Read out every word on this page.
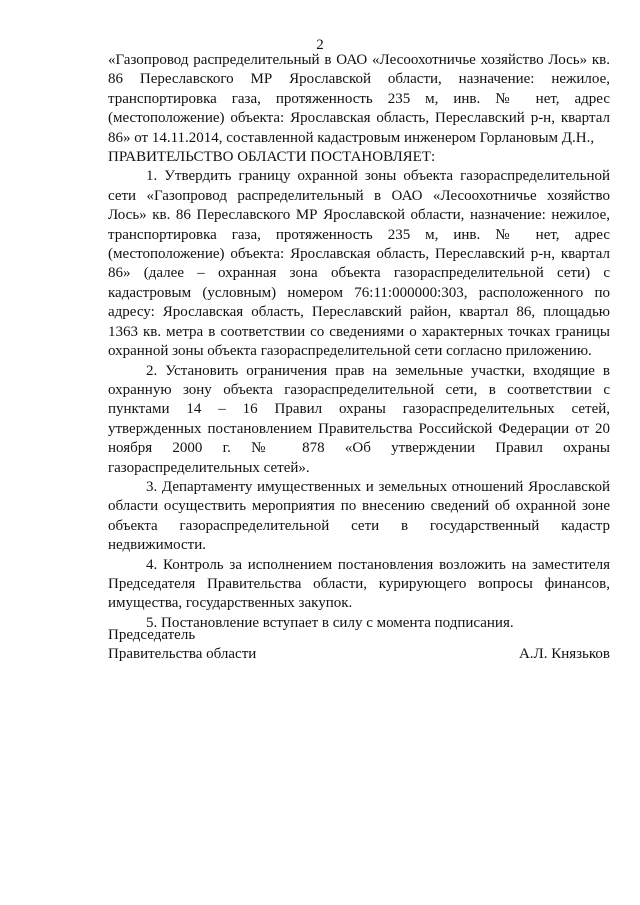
2

«Газопровод распределительный в ОАО «Лесоохотничье хозяйство Лось» кв. 86 Переславского МР Ярославской области, назначение: нежилое, транспортировка газа, протяженность 235 м, инв. № нет, адрес (местоположение) объекта: Ярославская область, Переславский р-н, квартал 86» от 14.11.2014, составленной кадастровым инженером Горлановым Д.Н.,

ПРАВИТЕЛЬСТВО ОБЛАСТИ ПОСТАНОВЛЯЕТ:

1. Утвердить границу охранной зоны объекта газораспределительной сети «Газопровод распределительный в ОАО «Лесоохотничье хозяйство Лось» кв. 86 Переславского МР Ярославской области, назначение: нежилое, транспортировка газа, протяженность 235 м, инв. № нет, адрес (местоположение) объекта: Ярославская область, Переславский р-н, квартал 86» (далее – охранная зона объекта газораспределительной сети) с кадастровым (условным) номером 76:11:000000:303, расположенного по адресу: Ярославская область, Переславский район, квартал 86, площадью 1363 кв. метра в соответствии со сведениями о характерных точках границы охранной зоны объекта газораспределительной сети согласно приложению.

2. Установить ограничения прав на земельные участки, входящие в охранную зону объекта газораспределительной сети, в соответствии с пунктами 14 – 16 Правил охраны газораспределительных сетей, утвержденных постановлением Правительства Российской Федерации от 20 ноября 2000 г. № 878 «Об утверждении Правил охраны газораспределительных сетей».

3. Департаменту имущественных и земельных отношений Ярославской области осуществить мероприятия по внесению сведений об охранной зоне объекта газораспределительной сети в государственный кадастр недвижимости.

4. Контроль за исполнением постановления возложить на заместителя Председателя Правительства области, курирующего вопросы финансов, имущества, государственных закупок.

5. Постановление вступает в силу с момента подписания.

Председатель
Правительства области	А.Л. Князьков
